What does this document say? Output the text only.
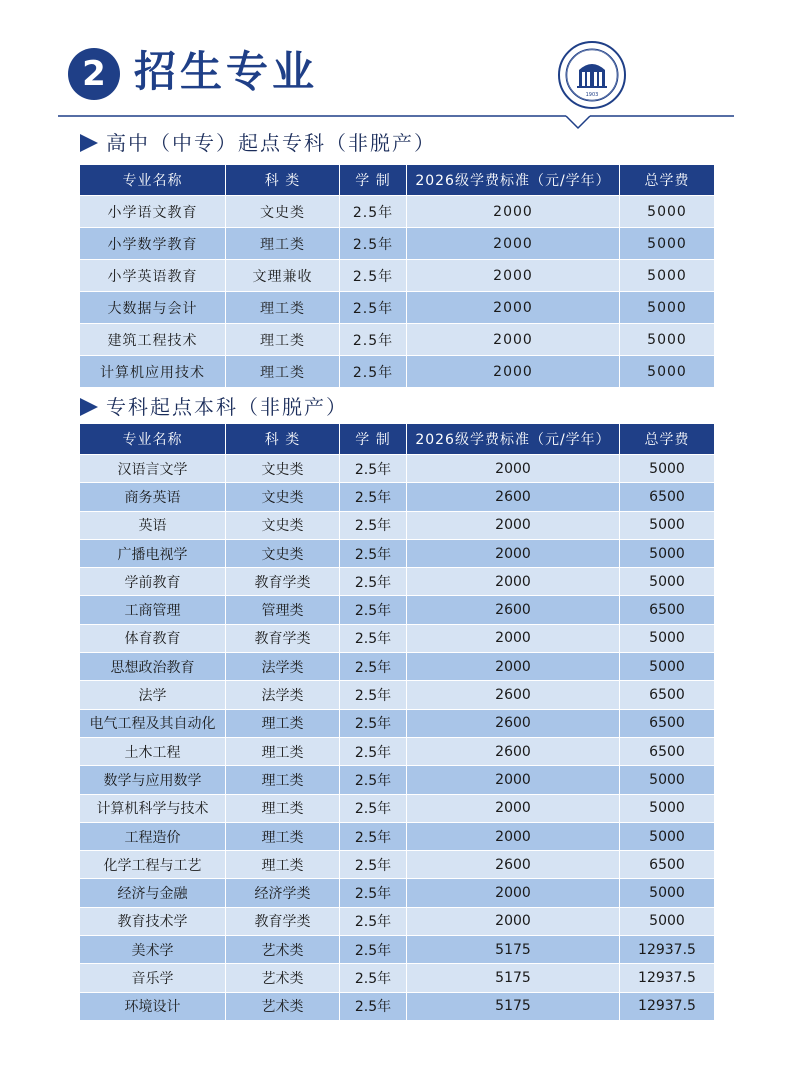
2 招生专业	1903
高中（中专）起点专科（非脱产）
专业名称	科 类	学 制	2026级学费标准（元/学年）	总学费
小学语文教育	文史类	2.5年	2000	5000
小学数学教育	理工类	2.5年	2000	5000
小学英语教育	文理兼收	2.5年	2000	5000
大数据与会计	理工类	2.5年	2000	5000
建筑工程技术	理工类	2.5年	2000	5000
计算机应用技术	理工类	2.5年	2000	5000
专科起点本科（非脱产）
专业名称	科 类	学 制	2026级学费标准（元/学年）	总学费
汉语言文学	文史类	2.5年	2000	5000
商务英语	文史类	2.5年	2600	6500
英语	文史类	2.5年	2000	5000
广播电视学	文史类	2.5年	2000	5000
学前教育	教育学类	2.5年	2000	5000
工商管理	管理类	2.5年	2600	6500
体育教育	教育学类	2.5年	2000	5000
思想政治教育	法学类	2.5年	2000	5000
法学	法学类	2.5年	2600	6500
电气工程及其自动化	理工类	2.5年	2600	6500
土木工程	理工类	2.5年	2600	6500
数学与应用数学	理工类	2.5年	2000	5000
计算机科学与技术	理工类	2.5年	2000	5000
工程造价	理工类	2.5年	2000	5000
化学工程与工艺	理工类	2.5年	2600	6500
经济与金融	经济学类	2.5年	2000	5000
教育技术学	教育学类	2.5年	2000	5000
美术学	艺术类	2.5年	5175	12937.5
音乐学	艺术类	2.5年	5175	12937.5
环境设计	艺术类	2.5年	5175	12937.5
